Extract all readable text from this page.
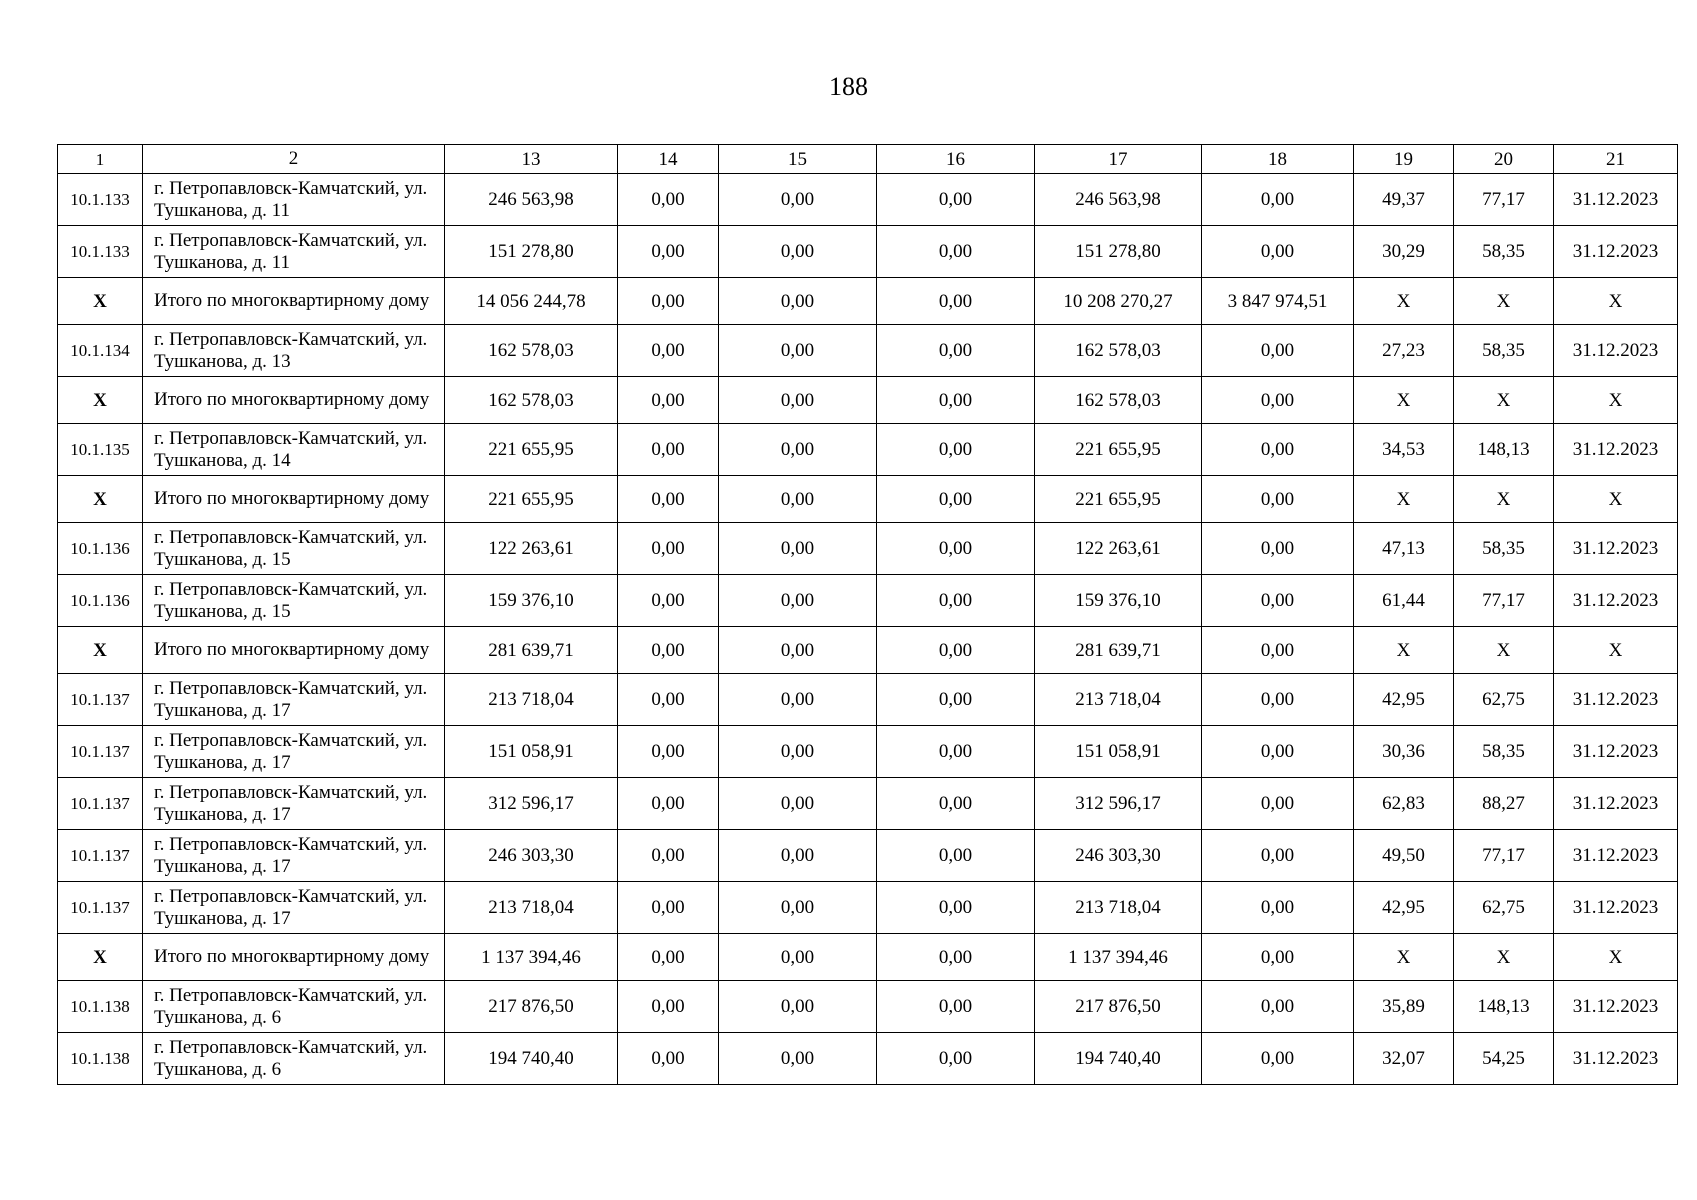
188
1	2	13	14	15	16	17	18	19	20	21
10.1.133	г. Петропавловск-Камчатский, ул. Тушканова, д. 11	246 563,98	0,00	0,00	0,00	246 563,98	0,00	49,37	77,17	31.12.2023
10.1.133	г. Петропавловск-Камчатский, ул. Тушканова, д. 11	151 278,80	0,00	0,00	0,00	151 278,80	0,00	30,29	58,35	31.12.2023
X	Итого по многоквартирному дому	14 056 244,78	0,00	0,00	0,00	10 208 270,27	3 847 974,51	X	X	X
10.1.134	г. Петропавловск-Камчатский, ул. Тушканова, д. 13	162 578,03	0,00	0,00	0,00	162 578,03	0,00	27,23	58,35	31.12.2023
X	Итого по многоквартирному дому	162 578,03	0,00	0,00	0,00	162 578,03	0,00	X	X	X
10.1.135	г. Петропавловск-Камчатский, ул. Тушканова, д. 14	221 655,95	0,00	0,00	0,00	221 655,95	0,00	34,53	148,13	31.12.2023
X	Итого по многоквартирному дому	221 655,95	0,00	0,00	0,00	221 655,95	0,00	X	X	X
10.1.136	г. Петропавловск-Камчатский, ул. Тушканова, д. 15	122 263,61	0,00	0,00	0,00	122 263,61	0,00	47,13	58,35	31.12.2023
10.1.136	г. Петропавловск-Камчатский, ул. Тушканова, д. 15	159 376,10	0,00	0,00	0,00	159 376,10	0,00	61,44	77,17	31.12.2023
X	Итого по многоквартирному дому	281 639,71	0,00	0,00	0,00	281 639,71	0,00	X	X	X
10.1.137	г. Петропавловск-Камчатский, ул. Тушканова, д. 17	213 718,04	0,00	0,00	0,00	213 718,04	0,00	42,95	62,75	31.12.2023
10.1.137	г. Петропавловск-Камчатский, ул. Тушканова, д. 17	151 058,91	0,00	0,00	0,00	151 058,91	0,00	30,36	58,35	31.12.2023
10.1.137	г. Петропавловск-Камчатский, ул. Тушканова, д. 17	312 596,17	0,00	0,00	0,00	312 596,17	0,00	62,83	88,27	31.12.2023
10.1.137	г. Петропавловск-Камчатский, ул. Тушканова, д. 17	246 303,30	0,00	0,00	0,00	246 303,30	0,00	49,50	77,17	31.12.2023
10.1.137	г. Петропавловск-Камчатский, ул. Тушканова, д. 17	213 718,04	0,00	0,00	0,00	213 718,04	0,00	42,95	62,75	31.12.2023
X	Итого по многоквартирному дому	1 137 394,46	0,00	0,00	0,00	1 137 394,46	0,00	X	X	X
10.1.138	г. Петропавловск-Камчатский, ул. Тушканова, д. 6	217 876,50	0,00	0,00	0,00	217 876,50	0,00	35,89	148,13	31.12.2023
10.1.138	г. Петропавловск-Камчатский, ул. Тушканова, д. 6	194 740,40	0,00	0,00	0,00	194 740,40	0,00	32,07	54,25	31.12.2023
